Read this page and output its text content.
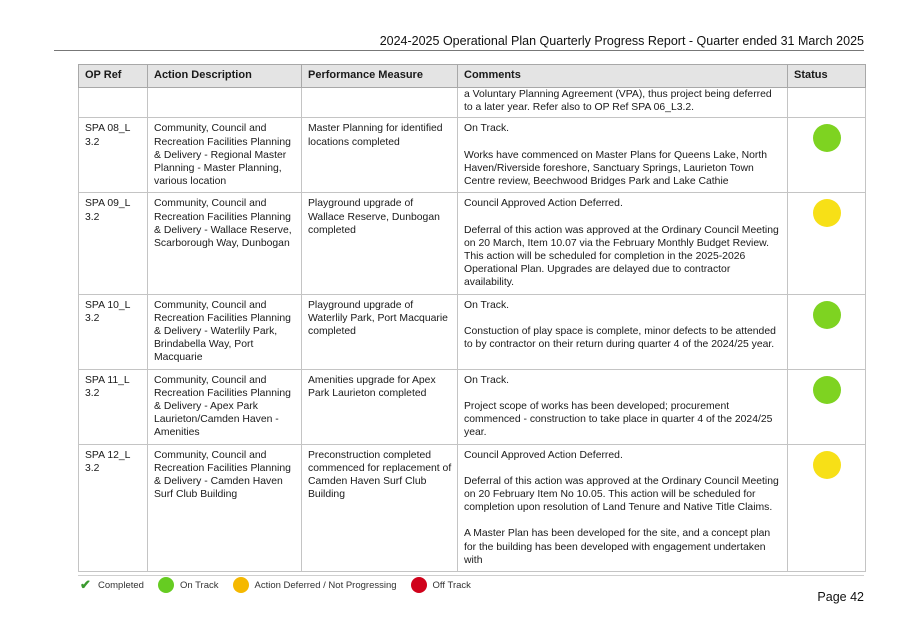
2024-2025 Operational Plan Quarterly Progress Report - Quarter ended 31 March 2025
OP Ref	Action Description	Performance Measure	Comments	Status

			a Voluntary Planning Agreement (VPA), thus project being deferred to a later year. Refer also to OP Ref SPA 06_L3.2.	

SPA 08_L 3.2	Community, Council and Recreation Facilities Planning & Delivery - Regional Master Planning - Master Planning, various location	Master Planning for identified locations completed	On Track.

Works have commenced on Master Plans for Queens Lake, North Haven/Riverside foreshore, Sanctuary Springs, Laurieton Town Centre review, Beechwood Bridges Park and Lake Cathie	

SPA 09_L 3.2	Community, Council and Recreation Facilities Planning & Delivery - Wallace Reserve, Scarborough Way, Dunbogan	Playground upgrade of Wallace Reserve, Dunbogan completed	Council Approved Action Deferred.

Deferral of this action was approved at the Ordinary Council Meeting on 20 March, Item 10.07 via the February Monthly Budget Review. This action will be scheduled for completion in the 2025-2026 Operational Plan. Upgrades are delayed due to contractor availability.	

SPA 10_L 3.2	Community, Council and Recreation Facilities Planning & Delivery - Waterlily Park, Brindabella Way, Port Macquarie	Playground upgrade of Waterlily Park, Port Macquarie completed	On Track.

Constuction of play space is complete, minor defects to be attended to by contractor on their return during quarter 4 of the 2024/25 year.	

SPA 11_L 3.2	Community, Council and Recreation Facilities Planning & Delivery - Apex Park Laurieton/Camden Haven - Amenities	Amenities upgrade for Apex Park Laurieton completed	On Track.

Project scope of works has been developed; procurement commenced - construction to take place in quarter 4 of the 2024/25 year.	

SPA 12_L 3.2	Community, Council and Recreation Facilities Planning & Delivery - Camden Haven Surf Club Building	Preconstruction completed commenced for replacement of Camden Haven Surf Club Building	Council Approved Action Deferred.

Deferral of this action was approved at the Ordinary Council Meeting on 20 February Item No 10.05. This action will be scheduled for completion upon resolution of Land Tenure and Native Title Claims.

A Master Plan has been developed for the site, and a concept plan for the building has been developed with engagement undertaken with	

✔ Completed	On Track	Action Deferred / Not Progressing	Off Track
Page 42
